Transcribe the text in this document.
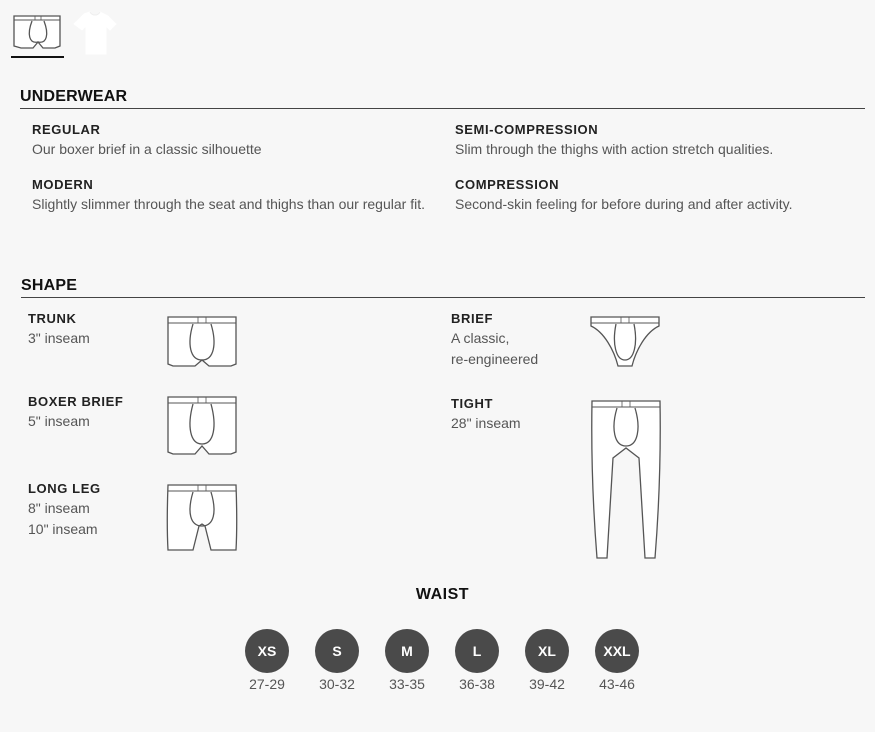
UNDERWEAR
REGULAR
Our boxer brief in a classic silhouette
SEMI-COMPRESSION
Slim through the thighs with action stretch qualities.
MODERN
Slightly slimmer through the seat and thighs than our regular fit.
COMPRESSION
Second-skin feeling for before during and after activity.
SHAPE
TRUNK
3" inseam
BRIEF
A classic,
re-engineered
BOXER BRIEF
5" inseam
TIGHT
28" inseam
LONG LEG
8" inseam
10" inseam
WAIST
XS
27-29
S
30-32
M
33-35
L
36-38
XL
39-42
XXL
43-46
